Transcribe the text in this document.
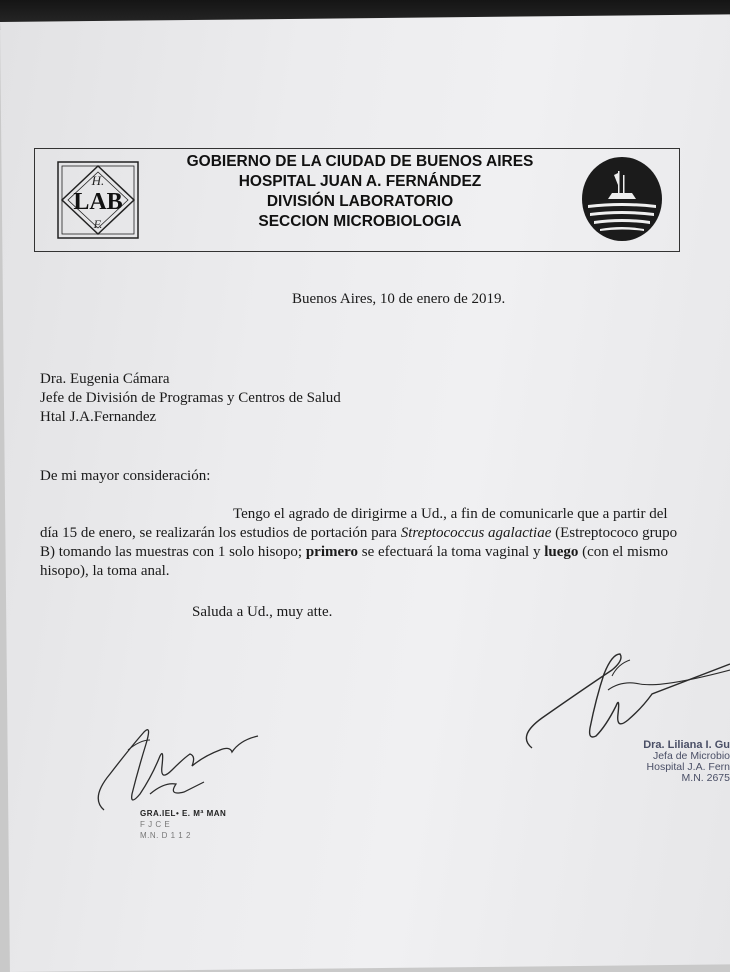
H.
LAB
F.
GOBIERNO DE LA CIUDAD DE BUENOS AIRES
HOSPITAL JUAN A. FERNÁNDEZ
DIVISIÓN LABORATORIO
SECCION MICROBIOLOGIA
Buenos Aires, 10 de enero de 2019.
Dra. Eugenia Cámara
Jefe de División de Programas y Centros de Salud
Htal J.A.Fernandez
De mi mayor consideración:
Tengo el agrado de dirigirme a Ud., a fin de comunicarle que a partir del día 15 de enero, se realizarán los estudios de portación para Streptococcus agalactiae (Estreptococo grupo B) tomando las muestras con 1 solo hisopo; primero se efectuará la toma vaginal y luego (con el mismo hisopo), la toma anal.
Saluda a Ud., muy atte.
Dra. Liliana I. Gu
Jefa de Microbio
Hospital J.A. Fern
M.N. 2675
GRA.IEL• E. Mª MAN
F J C E
M.N. D 1 1 2
